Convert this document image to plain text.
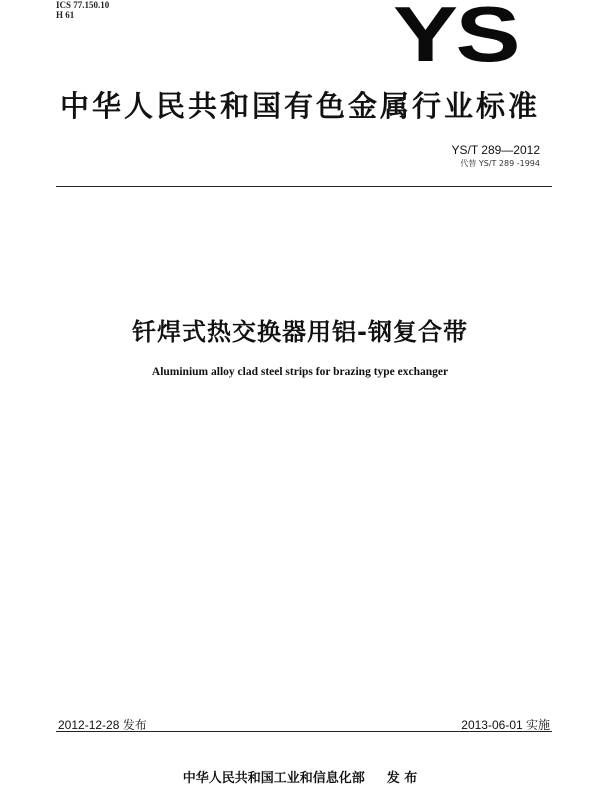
ICS 77.150.10
H 61	YS
中华人民共和国有色金属行业标准
YS/T 289—2012
代替 YS/T 289 -1994
钎焊式热交换器用铝-钢复合带
Aluminium alloy clad steel strips for brazing type exchanger
2012-12-28 发布	2013-06-01 实施
中华人民共和国工业和信息化部 发 布
